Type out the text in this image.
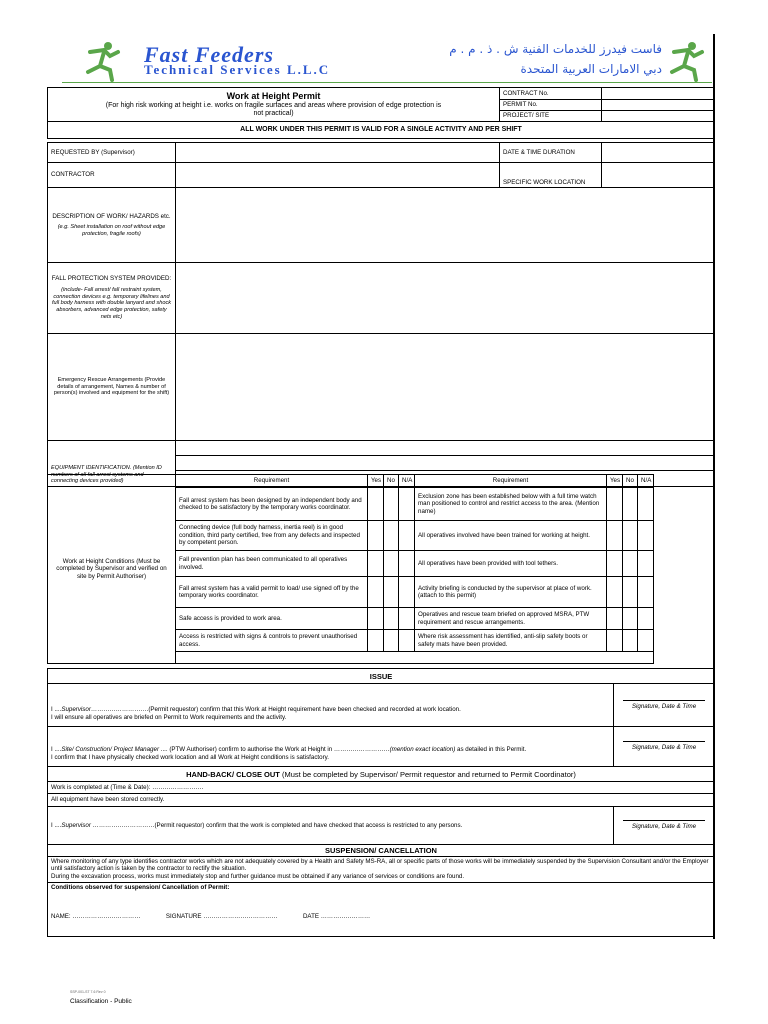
Fast Feeders
Technical Services L.L.C
فاست فيدرز للخدمات الفنية ش . ذ . م . م
دبي الامارات العربية المتحدة
Work at Height Permit
(For high risk working at height i.e. works on fragile surfaces and areas where provision of edge protection is not practical)	CONTRACT No.	
	PERMIT No.	
	PROJECT/ SITE	
ALL WORK UNDER THIS PERMIT IS VALID FOR A SINGLE ACTIVITY AND PER SHIFT		
REQUESTED BY (Supervisor)		DATE & TIME DURATION	
CONTRACTOR			
		SPECIFIC WORK LOCATION	

DESCRIPTION OF WORK/ HAZARDS etc.
(e.g. Sheet installation on roof without edge protection, fragile roofs)			

FALL PROTECTION SYSTEM PROVIDED:
(include- Fall arrest/ fall restraint system, connection devices e.g. temporary lifelines and full body harness with double lanyard and shock absorbers, advanced edge protection, safety nets etc)			

Emergency Rescue Arrangements (Provide details of arrangement, Names & number of person(s) involved and equipment for the shift)			
EQUIPMENT IDENTIFICATION. (Mention ID numbers of all fall arrest systems and connecting devices provided)			

Work at Height Conditions (Must be completed by Supervisor and verified on site by Permit Authoriser)	Requirement	Yes	No	N/A	Requirement	Yes	No	N/A
	Fall arrest system has been designed by an independent body and checked to be satisfactory by the temporary works coordinator.				Exclusion zone has been established below with a full time watch man positioned to control and restrict access to the area. (Mention name)			
	Connecting device (full body harness, inertia reel) is in good condition, third party certified, free from any defects and inspected by competent person.				All operatives involved have been trained for working at height.			
	Fall prevention plan has been communicated to all operatives involved.				All operatives have been provided with tool tethers.			
	Fall arrest system has a valid permit to load/ use signed off by the temporary works coordinator.				Activity briefing is conducted by the supervisor at place of work. (attach to this permit)			
	Safe access is provided to work area.				Operatives and rescue team briefed on approved MSRA, PTW requirement and rescue arrangements.			
	Access is restricted with signs & controls to prevent unauthorised access.				Where risk assessment has identified, anti-slip safety boots or safety mats have been provided.			

ISSUE	

I ....Supervisor……………………….(Permit requestor) confirm that this Work at Height requirement have been checked and recorded at work location.
I will ensure all operatives are briefed on Permit to Work requirements and the activity.	Signature, Date & Time

I ....Site/ Construction/ Project Manager .... (PTW Authoriser) confirm to authorise the Work at Height in ………………………(mention exact location) as detailed in this Permit.
I confirm that I have physically checked work location and all Work at Height conditions is satisfactory.	Signature, Date & Time
HAND-BACK/ CLOSE OUT (Must be completed by Supervisor/ Permit requestor and returned to Permit Coordinator)
Work is completed at (Time & Date): …………………….
All equipment have been stored correctly.
I ....Supervisor …………………………(Permit requestor) confirm that the work is completed and have checked that access is restricted to any persons.	Signature, Date & Time
SUSPENSION/ CANCELLATION

Where monitoring of any type identifies contractor works which are not adequately covered by a Health and Safety MS-RA, all or specific parts of those works will be immediately suspended by the Supervision Consultant and/or the Employer until satisfactory action is taken by the contractor to rectify the situation.
During the excavation process, works must immediately stop and further guidance must be obtained if any variance of services or conditions are found.

Conditions observed for suspension/ Cancellation of Permit:
NAME: ……………………………	SIGNATURE ………………………………	DATE ……………………
SSP-001-ST 7.6 Rev 0
Classification - Public
